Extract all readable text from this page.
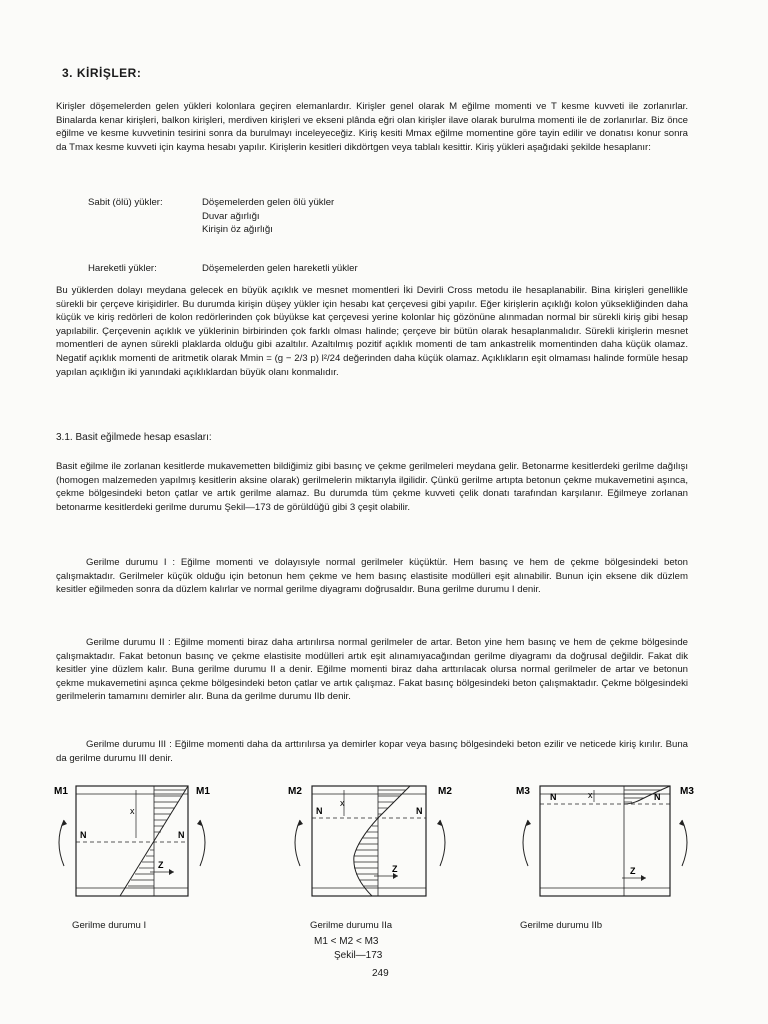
3. KİRİŞLER:

Kirişler döşemelerden gelen yükleri kolonlara geçiren elemanlardır. Kirişler genel olarak M eğilme momenti ve T kesme kuvveti ile zorlanırlar. Binalarda kenar kirişleri, balkon kirişleri, merdiven kirişleri ve ekseni plânda eğri olan kirişler ilave olarak burulma momenti ile de zorlanırlar. Biz önce eğilme ve kesme kuvvetinin tesirini sonra da burulmayı inceleyeceğiz. Kiriş kesiti Mmax eğilme momentine göre tayin edilir ve donatısı konur sonra da Tmax kesme kuvveti için kayma hesabı yapılır. Kirişlerin kesitleri dikdörtgen veya tablalı kesittir. Kiriş yükleri aşağıdaki şekilde hesaplanır:

Sabit (ölü) yükler:	Döşemelerden gelen ölü yükler
Duvar ağırlığı
Kirişin öz ağırlığı
Hareketli yükler:	Döşemelerden gelen hareketli yükler

Bu yüklerden dolayı meydana gelecek en büyük açıklık ve mesnet momentleri İki Devirli Cross metodu ile hesaplanabilir. Bina kirişleri genellikle sürekli bir çerçeve kirişidirler. Bu durumda kirişin düşey yükler için hesabı kat çerçevesi gibi yapılır. Eğer kirişlerin açıklığı kolon yüksekliğinden daha küçük ve kiriş redörleri de kolon redörlerinden çok büyükse kat çerçevesi yerine kolonlar hiç gözönüne alınmadan normal bir sürekli kiriş gibi hesap yapılabilir. Çerçevenin açıklık ve yüklerinin birbirinden çok farklı olması halinde; çerçeve bir bütün olarak hesaplanmalıdır. Sürekli kirişlerin mesnet momentleri de aynen sürekli plaklarda olduğu gibi azaltılır. Azaltılmış pozitif açıklık momenti de tam ankastrelik momentinden daha küçük olamaz. Negatif açıklık momenti de aritmetik olarak Mmin = (g − 2/3 p) l²/24 değerinden daha küçük olamaz. Açıklıkların eşit olmaması halinde formüle hesap yapılan açıklığın iki yanındaki açıklıklardan büyük olanı konmalıdır.

3.1. Basit eğilmede hesap esasları:

Basit eğilme ile zorlanan kesitlerde mukavemetten bildiğimiz gibi basınç ve çekme gerilmeleri meydana gelir. Betonarme kesitlerdeki gerilme dağılışı (homogen malzemeden yapılmış kesitlerin aksine olarak) gerilmelerin miktarıyla ilgilidir. Çünkü gerilme artıpta betonun çekme mukavemetini aşınca, çekme bölgesindeki beton çatlar ve artık gerilme alamaz. Bu durumda tüm çekme kuvveti çelik donatı tarafından karşılanır. Eğilmeye zorlanan betonarme kesitlerdeki gerilme durumu Şekil—173 de görüldüğü gibi 3 çeşit olabilir.

Gerilme durumu I : Eğilme momenti ve dolayısıyle normal gerilmeler küçüktür. Hem basınç ve hem de çekme bölgesindeki beton çalışmaktadır. Gerilmeler küçük olduğu için betonun hem çekme ve hem basınç elastisite modülleri eşit alınabilir. Bunun için eksene dik düzlem kesitler eğilmeden sonra da düzlem kalırlar ve normal gerilme diyagramı doğrusaldır. Buna gerilme durumu I denir.

Gerilme durumu II : Eğilme momenti biraz daha artırılırsa normal gerilmeler de artar. Beton yine hem basınç ve hem de çekme bölgesinde çalışmaktadır. Fakat betonun basınç ve çekme elastisite modülleri artık eşit alınamıyacağından gerilme diyagramı da doğrusal değildir. Fakat dik kesitler yine düzlem kalır. Buna gerilme durumu II a denir. Eğilme momenti biraz daha arttırılacak olursa normal gerilmeler de artar ve betonun çekme mukavemetini aşınca çekme bölgesindeki beton çatlar ve artık çalışmaz. Fakat basınç bölgesindeki beton çalışmaktadır. Çekme bölgesindeki gerilmelerin tamamını demirler alır. Buna da gerilme durumu IIb denir.

Gerilme durumu III : Eğilme momenti daha da arttırılırsa ya demirler kopar veya basınç bölgesindeki beton ezilir ve neticede kiriş kırılır. Buna da gerilme durumu III denir.

M1	M1
N	N
x
Z
M2	M2
N	N
x
Z
M3	M3
N	N
x
Z
Gerilme durumu I	Gerilme durumu IIa	Gerilme durumu IIb
M1 < M2 < M3
Şekil—173
249
